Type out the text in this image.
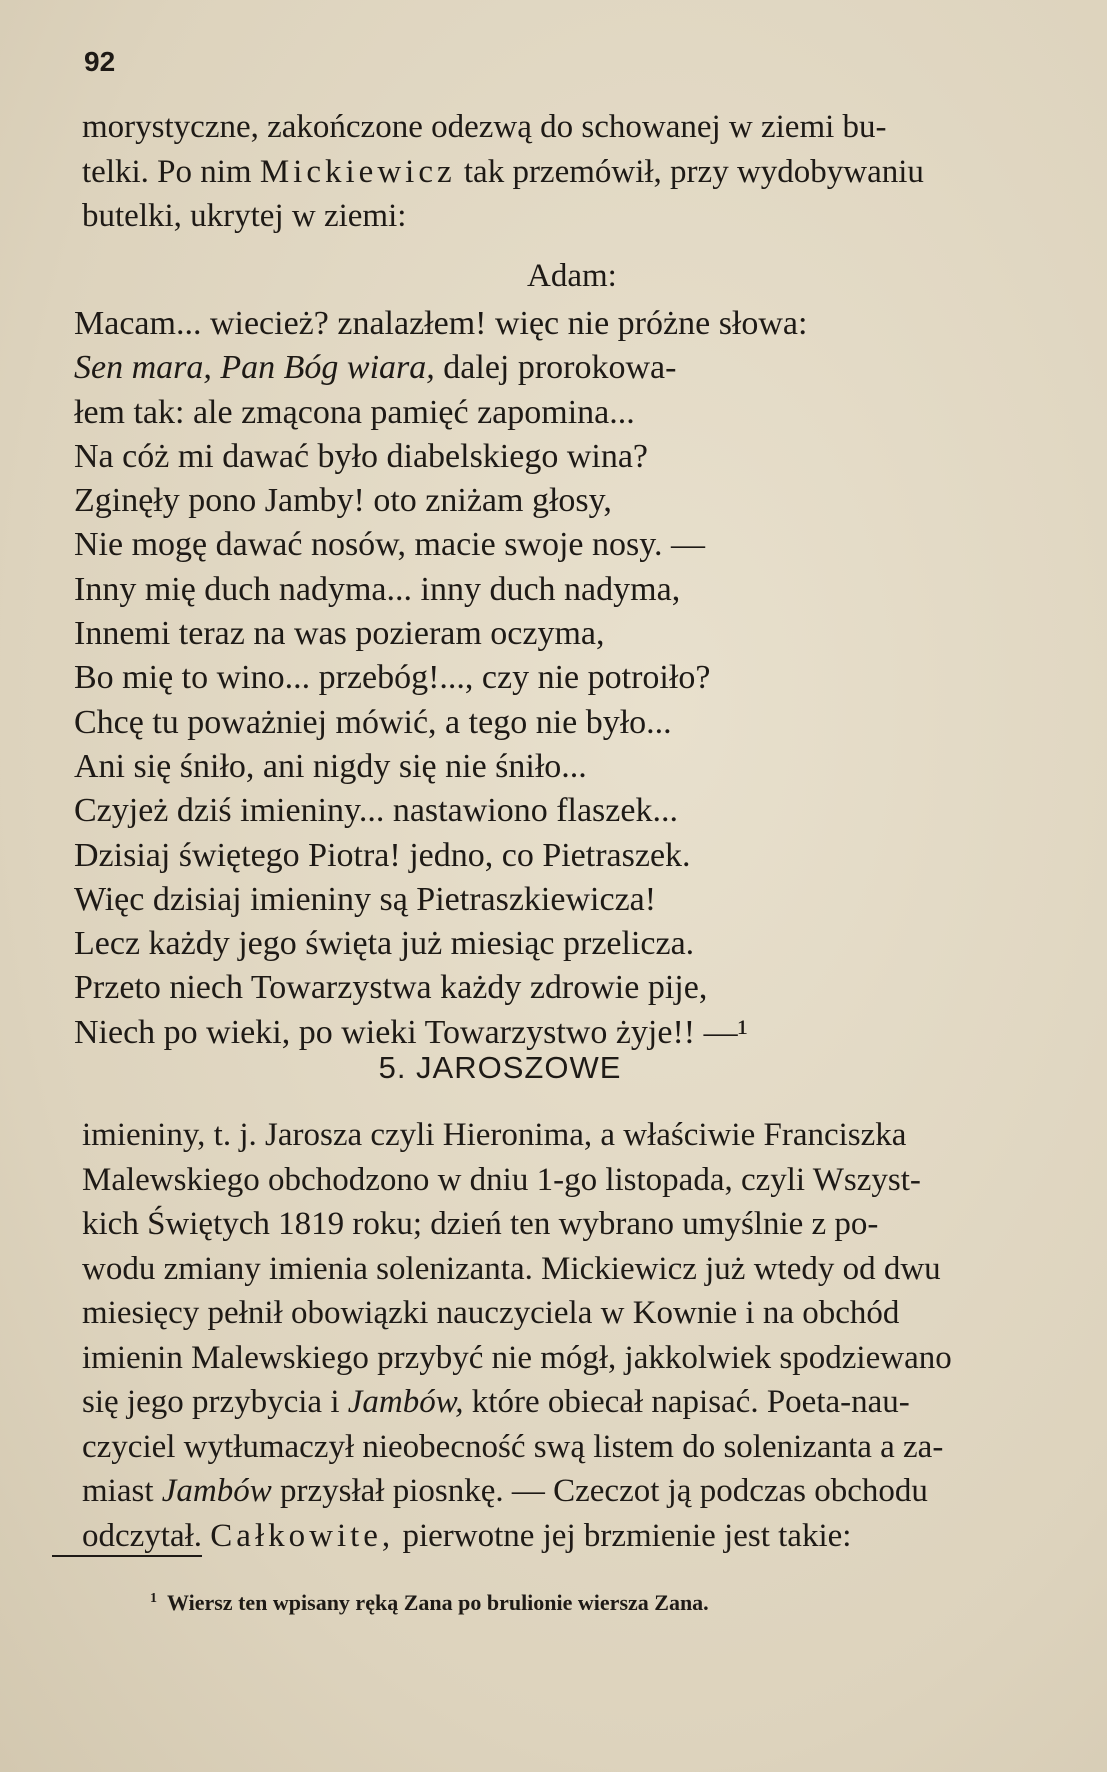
92

morystyczne, zakończone odezwą do schowanej w ziemi bu-
telki. Po nim Mickiewicz tak przemówił, przy wydobywaniu
butelki, ukrytej w ziemi:

Adam:
Macam... wiecież? znalazłem! więc nie próżne słowa:
Sen mara, Pan Bóg wiara, dalej prorokowa-
łem tak: ale zmącona pamięć zapomina...
Na cóż mi dawać było diabelskiego wina?
Zginęły pono Jamby! oto zniżam głosy,
Nie mogę dawać nosów, macie swoje nosy. —
Inny mię duch nadyma... inny duch nadyma,
Innemi teraz na was pozieram oczyma,
Bo mię to wino... przebóg!..., czy nie potroiło?
Chcę tu poważniej mówić, a tego nie było...
Ani się śniło, ani nigdy się nie śniło...
Czyjeż dziś imieniny... nastawiono flaszek...
Dzisiaj świętego Piotra! jedno, co Pietraszek.
Więc dzisiaj imieniny są Pietraszkiewicza!
Lecz każdy jego święta już miesiąc przelicza.
Przeto niech Towarzystwa każdy zdrowie pije,
Niech po wieki, po wieki Towarzystwo żyje!! —¹
5. JAROSZOWE

imieniny, t. j. Jarosza czyli Hieronima, a właściwie Franciszka
Malewskiego obchodzono w dniu 1-go listopada, czyli Wszyst-
kich Świętych 1819 roku; dzień ten wybrano umyślnie z po-
wodu zmiany imienia solenizanta. Mickiewicz już wtedy od dwu
miesięcy pełnił obowiązki nauczyciela w Kownie i na obchód
imienin Malewskiego przybyć nie mógł, jakkolwiek spodziewano
się jego przybycia i Jambów, które obiecał napisać. Poeta-nau-
czyciel wytłumaczył nieobecność swą listem do solenizanta a za-
miast Jambów przysłał piosnkę. — Czeczot ją podczas obchodu
odczytał. Całkowite, pierwotne jej brzmienie jest takie:

$^1$ Wiersz ten wpisany ręką Zana po brulionie wiersza Zana.
